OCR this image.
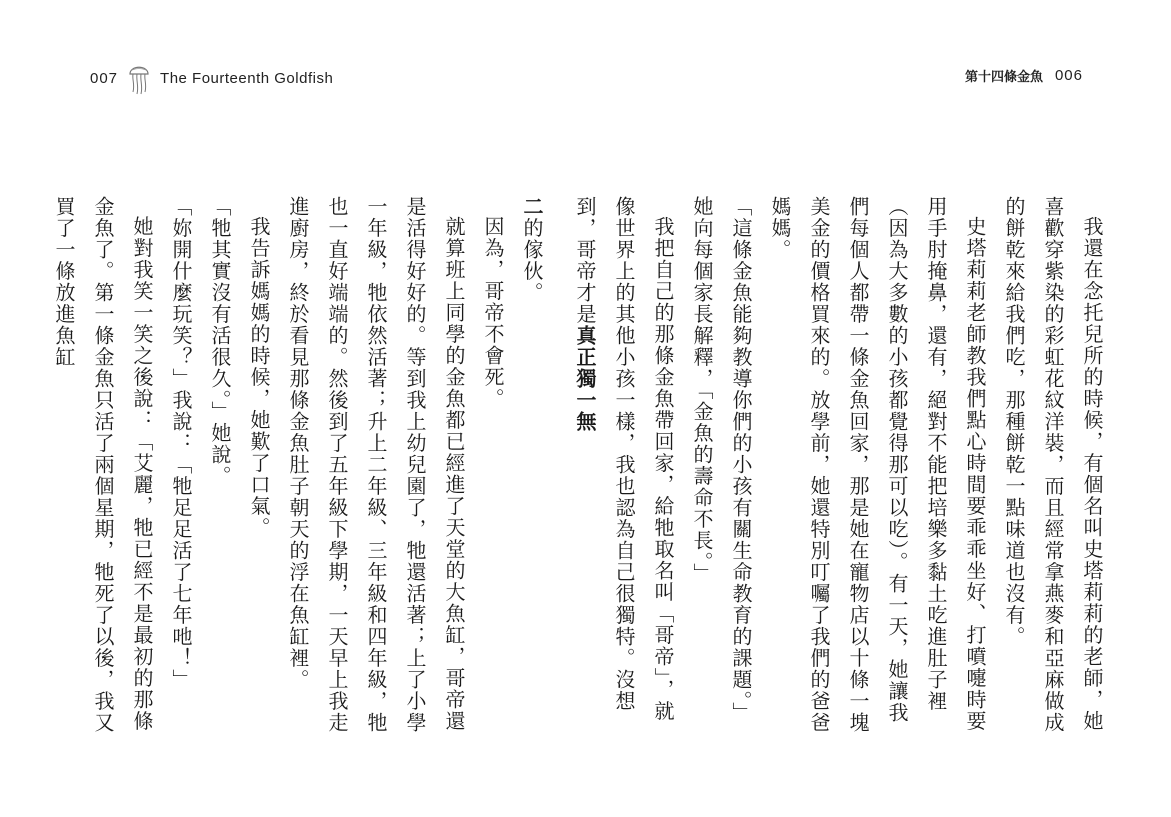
007	The Fourteenth Goldfish	第十四條金魚 006

我還在念托兒所的時候，有個名叫史塔莉莉的老師，她喜歡穿紫染的彩虹花紋洋裝，而且經常拿燕麥和亞麻做成的餅乾來給我們吃，那種餅乾一點味道也沒有。

史塔莉莉老師教我們點心時間要乖乖坐好、打噴嚏時要用手肘掩鼻，還有，絕對不能把培樂多黏土吃進肚子裡（因為大多數的小孩都覺得那可以吃）。有一天，她讓我們每個人都帶一條金魚回家，那是她在寵物店以十條一塊美金的價格買來的。放學前，她還特別叮囑了我們的爸爸媽媽。

「這條金魚能夠教導你們的小孩有關生命教育的課題。」她向每個家長解釋，「金魚的壽命不長。」

我把自己的那條金魚帶回家，給牠取名叫「哥帝」，就像世界上的其他小孩一樣，我也認為自己很獨特。沒想到，哥帝才是真正獨一無

二的傢伙。

因為，哥帝不會死。

就算班上同學的金魚都已經進了天堂的大魚缸，哥帝還是活得好好的。等到我上幼兒園了，牠還活著；上了小學一年級，牠依然活著；升上二年級、三年級和四年級，牠也一直好端端的。然後到了五年級下學期，一天早上我走進廚房，終於看見那條金魚肚子朝天的浮在魚缸裡。

我告訴媽媽的時候，她歎了口氣。

「牠其實沒有活很久。」她說。

「妳開什麼玩笑？」我說：「牠足足活了七年吔！」

她對我笑一笑之後說：「艾麗，牠已經不是最初的那條金魚了。第一條金魚只活了兩個星期，牠死了以後，我又買了一條放進魚缸
